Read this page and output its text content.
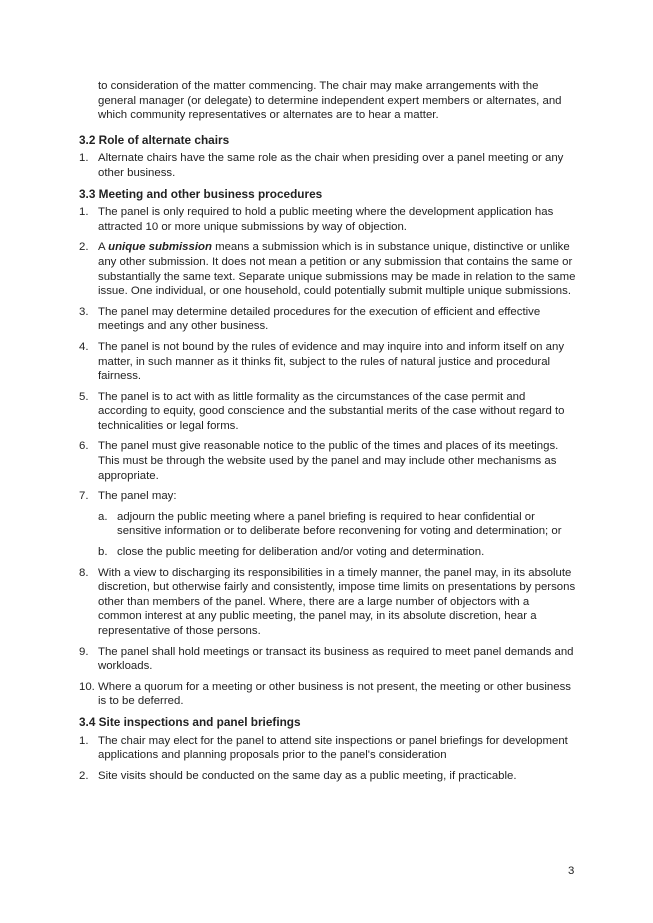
to consideration of the matter commencing. The chair may make arrangements with the general manager (or delegate) to determine independent expert members or alternates, and which community representatives or alternates are to hear a matter.
3.2 Role of alternate chairs
1. Alternate chairs have the same role as the chair when presiding over a panel meeting or any other business.
3.3 Meeting and other business procedures
1. The panel is only required to hold a public meeting where the development application has attracted 10 or more unique submissions by way of objection.
2. A unique submission means a submission which is in substance unique, distinctive or unlike any other submission. It does not mean a petition or any submission that contains the same or substantially the same text. Separate unique submissions may be made in relation to the same issue. One individual, or one household, could potentially submit multiple unique submissions.
3. The panel may determine detailed procedures for the execution of efficient and effective meetings and any other business.
4. The panel is not bound by the rules of evidence and may inquire into and inform itself on any matter, in such manner as it thinks fit, subject to the rules of natural justice and procedural fairness.
5. The panel is to act with as little formality as the circumstances of the case permit and according to equity, good conscience and the substantial merits of the case without regard to technicalities or legal forms.
6. The panel must give reasonable notice to the public of the times and places of its meetings. This must be through the website used by the panel and may include other mechanisms as appropriate.
7. The panel may:
a. adjourn the public meeting where a panel briefing is required to hear confidential or sensitive information or to deliberate before reconvening for voting and determination; or
b. close the public meeting for deliberation and/or voting and determination.
8. With a view to discharging its responsibilities in a timely manner, the panel may, in its absolute discretion, but otherwise fairly and consistently, impose time limits on presentations by persons other than members of the panel. Where, there are a large number of objectors with a common interest at any public meeting, the panel may, in its absolute discretion, hear a representative of those persons.
9. The panel shall hold meetings or transact its business as required to meet panel demands and workloads.
10. Where a quorum for a meeting or other business is not present, the meeting or other business is to be deferred.
3.4 Site inspections and panel briefings
1. The chair may elect for the panel to attend site inspections or panel briefings for development applications and planning proposals prior to the panel's consideration
2. Site visits should be conducted on the same day as a public meeting, if practicable.
3
